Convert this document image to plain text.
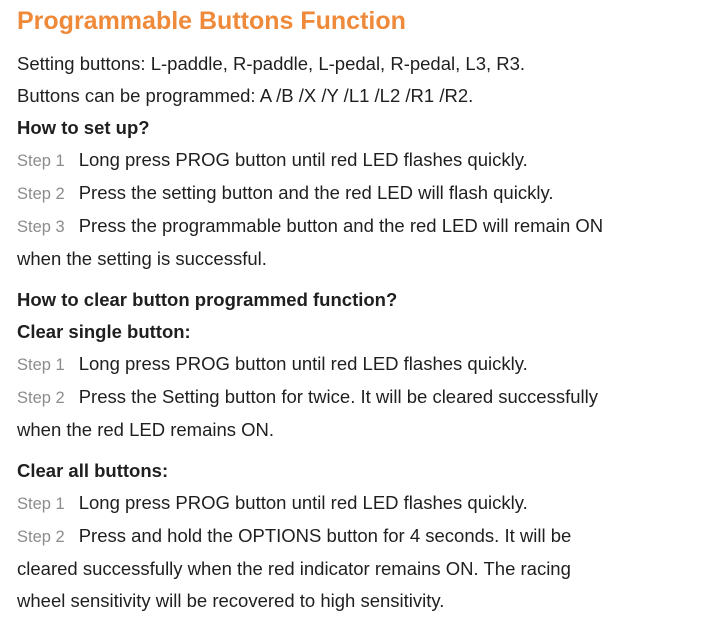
Programmable Buttons Function
Setting buttons: L-paddle, R-paddle, L-pedal, R-pedal, L3, R3.
Buttons can be programmed: A /B /X /Y /L1 /L2 /R1 /R2.
How to set up?
Step 1 Long press PROG button until red LED flashes quickly.
Step 2 Press the setting button and the red LED will flash quickly.
Step 3 Press the programmable button and the red LED will remain ON
when the setting is successful.
How to clear button programmed function?
Clear single button:
Step 1 Long press PROG button until red LED flashes quickly.
Step 2 Press the Setting button for twice. It will be cleared successfully
when the red LED remains ON.
Clear all buttons:
Step 1 Long press PROG button until red LED flashes quickly.
Step 2 Press and hold the OPTIONS button for 4 seconds. It will be
cleared successfully when the red indicator remains ON. The racing
wheel sensitivity will be recovered to high sensitivity.
